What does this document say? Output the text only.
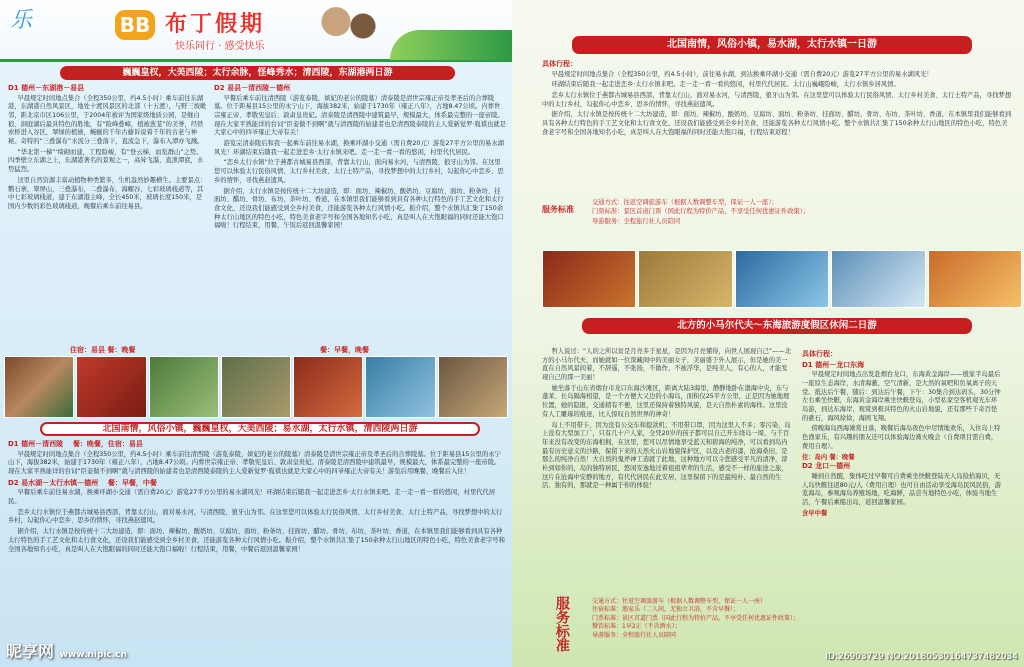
乐	BB 布丁假期
快乐同行 · 感受快乐
巍巍皇权，大美西陵；太行余脉，怪峰秀水；清西陵，东湖港两日游
D1 德州－东湖港－易县

早晨规定时间地点集合（全程350公里，约4.5小时）乘车前往东湖港，东湖港自然风景区，地处十渡风景区的北部（十五渡），与野三坡毗邻，距北京市区106公里，于2004年被评为国家级地质公园，是继白狼、洞庭湖后最具特色的胜地，有“险峰叠嶂，植被葱茏”的美誉，经铁索桥进入谷区，翠绿的植被，蜿蜒的千年古藤诉说着千年的古老与神秘。奇特的“三叠瀑布”水流分三叠落下，直流急下，瀑布入潭亦飞溅。

“华北第一梯”‘绮砌而建，工程险峻，有“登云梯，而览群山”之势。四季壁立东湖之上，东湖港著名的景观之一，高耸飞瀑，直泄潭底，水势猛烈。

这里自然资源丰富动植物种类繁多，生机盎然妙趣横生。主要景点：鹦石寨，翠屏山，三叠瀑布，二叠瀑布，海螺谷，七彩玻璃栈道等，其中七彩玻璃栈道，建于东湖港主峰，全长450米，玻璃长度150米，是国内少数的彩色玻璃栈道，晚餐后乘车前往易县。

住宿：易县 餐：晚餐
D2 易县－清西陵－德州

早餐后乘车前往清西陵（游览泰陵，嫔妃的老公的陵墓）清泰陵是清世宗雍正帝及孝圣后的合葬陵墓。位于距易县15公里的永宁山下，海拔382米，始建于1730年（雍正八年），占地8.47公顷。内葬世宗雍正帝、孝敬宪皇后、敦肃皇贵妃。清泰陵是清西陵中建筑最早，规模最大，体系最完整的一座帝陵。现在大家平熟能详的台词“臣妾做不到啊”就与清西陵的始建者也是清西陵泰陵的主人爱新觉罗·胤祺也就是大家心中的四爷雍正大帝有关！

游览完清泰陵后和我一起乘车前往易水湖，换乘环湖小交通（需自费20元）游览27平方公里的易水湖风光！环湖结束后随我一起走进恋乡·太行水镇来吧。走一走一看一看的悠闲，村里代代居民。

“恋乡太行水镇”位于燕都古城易县西部，背靠太行山，面向易水河，与清西陵，狼牙山为邻。在这里您可以体验太行民俗风情、太行乡村美食、太行土特产品，寻找梦想中的太行乡村，勾起你心中恋乡、思乡的情怀，寻找燕赵遗风。

据介绍，太行水镇是按传统十二大坊建造，即：面坊、辣椒坊、酸奶坊、豆腐坊、面坊、粉条坊、挂面坊、醋坊、骨坊、布坊、茶叶坊、香道，在本镇里我们能够看到具有各种太行特色的手工艺文化和太行食文化，还设我们能感受到全乡村美食，还能游览各种太行风情小吃。振介绍，整个水镇共汇集了150余种太行山地区的特色小吃，特色美食老字号和全国各地知名小吃，真是叫人在大饱眼福的同时还能大饱口福啦！行程结束，用餐，午饭后返回温馨家园！

餐：早餐，晚餐
北国南情，风俗小镇，巍巍皇权，大美西陵；易水湖，太行水镇，清西陵两日游
D1 德州－清西陵 餐：晚餐，住宿：易县

早晨规定时间地点集合（全程350公里，约4.5小时）乘车前往清西陵（游览泰陵，嫔妃的老公的陵墓）清泰陵是清世宗雍正帝及孝圣后的合葬陵墓。位于距易县15公里的永宁山下，海拔382米，始建于1730年（雍正八年），占地8.47公顷。内葬世宗雍正帝、孝敬宪皇后、敦肃皇贵妃。清泰陵是清西陵中建筑最早，规模最大，体系最完整的一座帝陵。现在大家平熟能详的台词“臣妾做不到啊”就与清西陵的始建者也是清西陵泰陵的主人爱新觉罗·胤祺也就是大家心中的四爷雍正大帝有关！游览后用晚餐，晚餐后入住！

D2 易水湖－太行水镇－德州 餐：早餐，中餐

早餐后乘车前往易水湖，换乘环湖小交通（需自费20元）游览27平方公里的易水湖风光！环湖结束后随我一起走进恋乡·太行水镇来吧。走一走一看一看的悠闲，村里代代居民。

恋乡太行水镇位于燕都古城易县西部，背靠太行山，面对易水河，与清西陵，狼牙山为邻。在这里您可以体验太行民俗风情、太行乡村美食、太行土特产品，寻找梦想中的太行乡村，勾起你心中恋乡、思乡的情怀，寻找燕赵遗风。

据介绍，太行水镇是按传统十二大坊建造，即：面坊、辣椒坊、酸奶坊、豆腐坊、面坊、粉条坊、挂面坊、醋坊、骨坊、布坊、茶叶坊、香道，在本镇里我们能够看到具有各种太行特色的手工艺文化和太行食文化，还设我们能感受到全乡村美食，还能游览各种太行风情小吃。振介绍，整个水镇共汇集了150余种太行山地区的特色小吃，特色美食老字号和全国各地知名小吃，真是叫人在大饱眼福的同时还能大饱口福啦！行程结束，用餐，中餐后返回温馨家园！

昵享网 www.nipic.cn
北国南情，风俗小镇，易水湖，太行水镇一日游
具体行程：

早晨规定时间地点集合（全程350公里，约4.5小时），前往易水湖，到达换乘环湖小交通（需自费20元）游览27平方公里的易水湖风光！

环湖结束后随我一起走进恋乡·太行水镇来吧。走一走一看一看的悠闲，村里代代居民。太行山巍峨险峻，太行水镇乡居风情。

恋乡太行水镇位于燕都古城易县西部，背靠太行山，面对易水河，与清西陵，狼牙山为邻。在这里您可以体验太行民俗风情、太行乡村美食、太行土特产品，寻找梦想中的太行乡村，勾起你心中恋乡、思乡的情怀，寻找燕赵遗风。

据介绍，太行水镇是按传统十二大坊建造，即：面坊、辣椒坊、酸奶坊、豆腐坊、面坊、粉条坊、挂面坊、醋坊、骨坊、布坊、茶叶坊、香道，在本镇里我们能够看到具有各种太行特色的手工艺文化和太行食文化，还设我们能感受到全乡村美食，还能游览各种太行风情小吃。整个水镇共汇集了150余种太行山地区的特色小吃，特色美食老字号和全国各地知名小吃，真是叫人在大饱眼福的同时还能大饱口福，行程结束返程！

服务标准
交通方式：往返空调旅游车（根据人数调整车型，保证一人一座）；
门票标准：景区首道门票（国此行程为特价产品，不享受任何优惠证件政策）；
导游服务：全程旅行社人员陪同
北方的小马尔代夫～东海旅游度假区休闲二日游

哲人说过：“人的之所以贫是月亮多于星星，是因为月亮懂得，向世人展现自己”——北方的小马尔代夫，而她就如一位深藏闺中的美丽女子，美丽盛于外人展示，但是她的美一直在自然风景间着，不辞遥，不张扬，不做作，不被浮华，是纯美人，有心的人，才能发现自己的那一美丽！

她坐落于山东省烟台市龙口东海沙滩区，距离大陆3海里，静静地卧在渤海中央，东与蓬莱、长岛隔海相望，是一个方便大又边的小海岛，面积仅25平方公里，正是因为她地理位置，她的隐匿，交通稍有不便，这里还保持着独特风貌，是天自然朴素的海样。这里没有人工雕琢的痕迹，比人惊叹自然世界的神奇！

岛上不用带卡，因为没有公交车和提款机；不用带口罩，因为这里人不多；零污染，岛上没有大型加工厂，只有几十户人家，全凭20岁的孩子都可以自己开车绕岛一周，与千百年来没有改变的东海相拥，在这里，您可以尽情地享受蓝天和碧海的纯净，可以看到岛内最有历史意义的沙路，保留下来的天然火山岩地貌保护区，以及古老的漆，沧海桑田，是那么的纯净自然！大自然的鬼斧神工造就了此地，这种地方可以令您感受平凡的清净，淳朴到如你的，岛的独特居民，悠闲安逸地过着祖祖辈辈的生活，感受不一样的旅途之旅，这片在沧海中安静的地方，有代代居民在此安居，这里保留下的是最纯朴、最自然的生活，独有的，那就是一种属于你的体验！

具体行程：
D1 德州－龙口东海

早晨规定时间地点出发赴烟台龙口，东海黄金海岸——殷家半岛最后一座原生态海岸，水清海澈，空气清新，是大然的氧吧和负氧离子的天堂。抵达后午餐，随后：到达后午餐，下午：30集合到达码头，30分钟左右乘坐快艇，东海黄金海岸乘坐快艇登岛，小型私家空客机观光车环岛游，到达东海岸，观赏到极具特色的火山岩地貌，还有那些千奇百怪的礁石，海风徐徐，海鸥飞翔。

傍晚海岛西海滩赏日落，晚餐后海岛夜色中尽情地欢乐，入住岛上特色渔家乐，有兴趣的朋友还可以体验海边篝火晚会（自费项目需自费，费用自理）。

住：岛内 餐：晚餐
D2 龙口－德州

睡到自然醒，集体吃过早餐可自费乘坐快艇登陆无人岛捡拾海贝，无人岛快艇往返80元/人（费用自理）也可自由活动享受海岛民风民俗，游览海岛，参观海岛养殖场地，吃海鲜，品尝当地特色小吃，体验当地生活，午餐后乘船出岛，返回温馨家园。

含早中餐
服务标准	交通方式：往返空调旅游车（根据人数调整车型，保证一人一座）
住宿标准：渔家乐（二人间，无独立卫浴，不含早餐）；
门票标准：景区首道门票（国此行程为特价产品，不享受任何优惠证件政策）；
餐饮标准：1早2正（不含酒水）；
导游服务：全程旅行社人员陪同
ID:26903729 NO:20180530164737482034
